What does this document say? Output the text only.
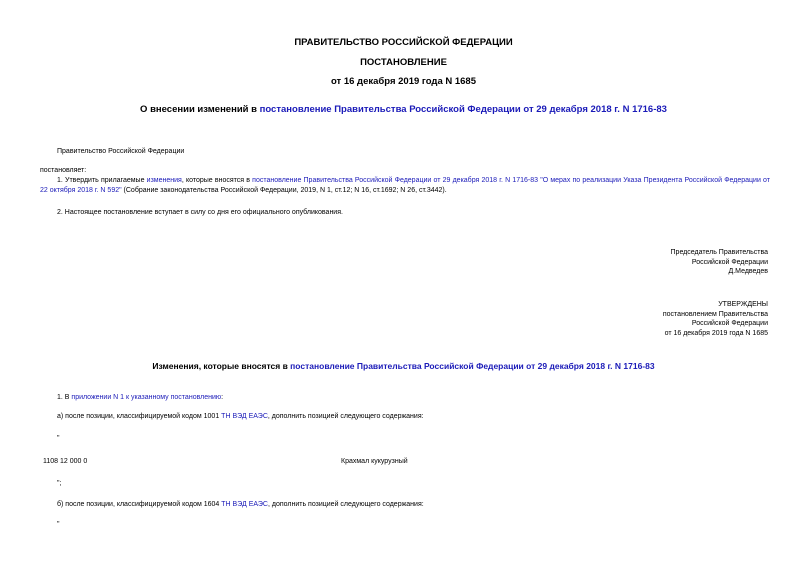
ПРАВИТЕЛЬСТВО РОССИЙСКОЙ ФЕДЕРАЦИИ
ПОСТАНОВЛЕНИЕ
от 16 декабря 2019 года N 1685
О внесении изменений в постановление Правительства Российской Федерации от 29 декабря 2018 г. N 1716-83
Правительство Российской Федерации
постановляет:
1. Утвердить прилагаемые изменения, которые вносятся в постановление Правительства Российской Федерации от 29 декабря 2018 г. N 1716-83 "О мерах по реализации Указа Президента Российской Федерации от 22 октября 2018 г. N 592" (Собрание законодательства Российской Федерации, 2019, N 1, ст.12; N 16, ст.1692; N 26, ст.3442).
2. Настоящее постановление вступает в силу со дня его официального опубликования.
Председатель Правительства
Российской Федерации
Д.Медведев
УТВЕРЖДЕНЫ
постановлением Правительства
Российской Федерации
от 16 декабря 2019 года N 1685
Изменения, которые вносятся в постановление Правительства Российской Федерации от 29 декабря 2018 г. N 1716-83
1. В приложении N 1 к указанному постановлению:
а) после позиции, классифицируемой кодом 1001 ТН ВЭД ЕАЭС, дополнить позицией следующего содержания:
"
1108 12 000 0	Крахмал кукурузный
";
б) после позиции, классифицируемой кодом 1604 ТН ВЭД ЕАЭС, дополнить позицией следующего содержания:
"
